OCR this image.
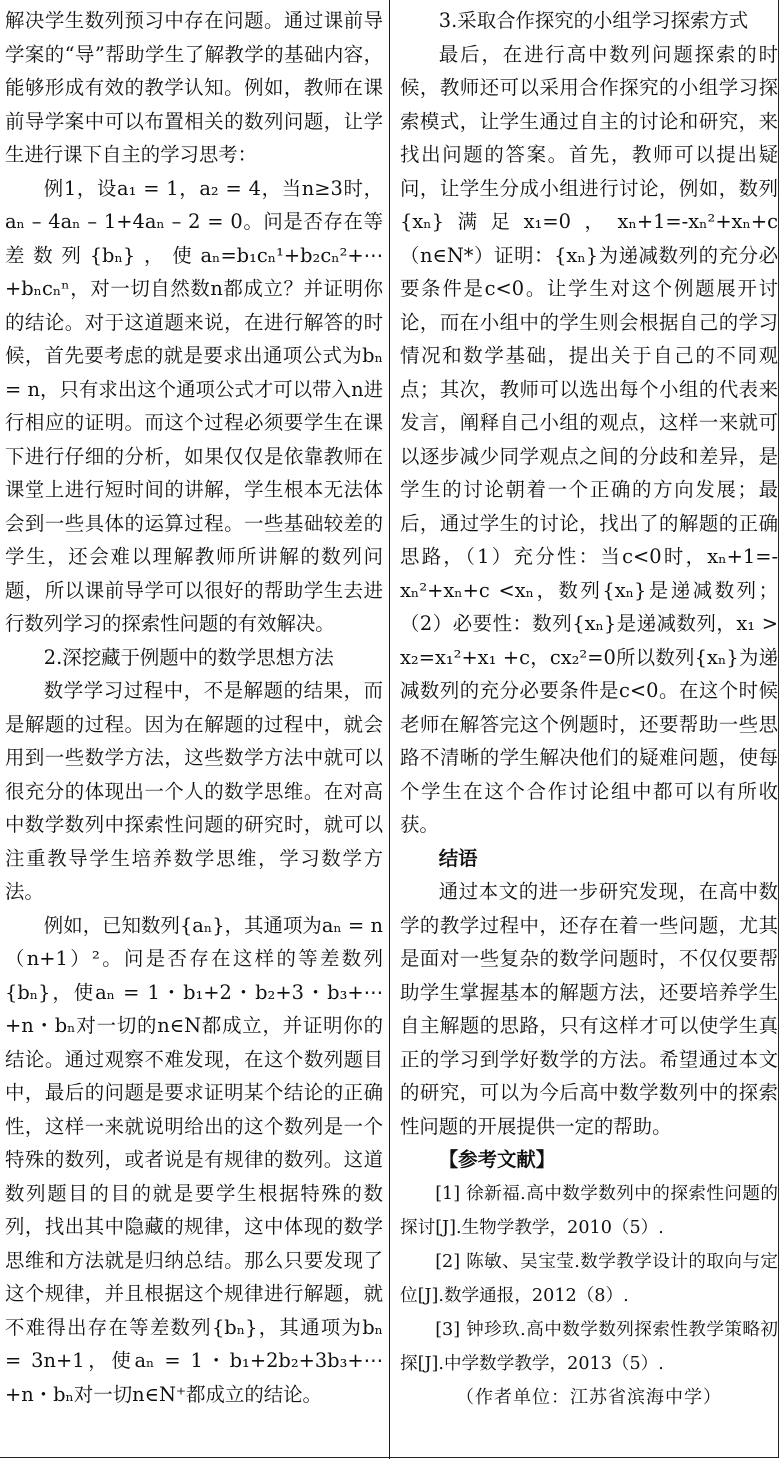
解决学生数列预习中存在问题。通过课前导学案的“导”帮助学生了解教学的基础内容，能够形成有效的教学认知。例如，教师在课前导学案中可以布置相关的数列问题，让学生进行课下自主的学习思考：

例1，设a₁ = 1，a₂ = 4，当n≥3时，aₙ – 4aₙ – 1+4aₙ – 2 = 0。问是否存在等差数列{bₙ}，使aₙ=b₁cₙ¹+b₂cₙ²+⋯+bₙcₙⁿ，对一切自然数n都成立？并证明你的结论。对于这道题来说，在进行解答的时候，首先要考虑的就是要求出通项公式为bₙ = n，只有求出这个通项公式才可以带入n进行相应的证明。而这个过程必须要学生在课下进行仔细的分析，如果仅仅是依靠教师在课堂上进行短时间的讲解，学生根本无法体会到一些具体的运算过程。一些基础较差的学生，还会难以理解教师所讲解的数列问题，所以课前导学可以很好的帮助学生去进行数列学习的探索性问题的有效解决。

2.深挖藏于例题中的数学思想方法

数学学习过程中，不是解题的结果，而是解题的过程。因为在解题的过程中，就会用到一些数学方法，这些数学方法中就可以很充分的体现出一个人的数学思维。在对高中数学数列中探索性问题的研究时，就可以注重教导学生培养数学思维，学习数学方法。

例如，已知数列{aₙ}，其通项为aₙ = n（n+1）²。问是否存在这样的等差数列{bₙ}，使aₙ = 1・b₁+2・b₂+3・b₃+⋯+n・bₙ对一切的n∈N都成立，并证明你的结论。通过观察不难发现，在这个数列题目中，最后的问题是要求证明某个结论的正确性，这样一来就说明给出的这个数列是一个特殊的数列，或者说是有规律的数列。这道数列题目的目的就是要学生根据特殊的数列，找出其中隐藏的规律，这中体现的数学思维和方法就是归纳总结。那么只要发现了这个规律，并且根据这个规律进行解题，就不难得出存在等差数列{bₙ}，其通项为bₙ = 3n+1，使aₙ = 1・b₁+2b₂+3b₃+⋯+n・bₙ对一切n∈N⁺都成立的结论。

3.采取合作探究的小组学习探索方式

最后，在进行高中数列问题探索的时候，教师还可以采用合作探究的小组学习探索模式，让学生通过自主的讨论和研究，来找出问题的答案。首先，教师可以提出疑问，让学生分成小组进行讨论，例如，数列{xₙ}满足x₁=0，xₙ+1=-xₙ²+xₙ+c（n∈N*）证明：{xₙ}为递减数列的充分必要条件是c<0。让学生对这个例题展开讨论，而在小组中的学生则会根据自己的学习情况和数学基础，提出关于自己的不同观点；其次，教师可以选出每个小组的代表来发言，阐释自己小组的观点，这样一来就可以逐步减少同学观点之间的分歧和差异，是学生的讨论朝着一个正确的方向发展；最后，通过学生的讨论，找出了的解题的正确思路，（1）充分性：当c<0时，xₙ+1=-xₙ²+xₙ+c <xₙ，数列{xₙ}是递减数列；（2）必要性：数列{xₙ}是递减数列，x₁ > x₂=x₁²+x₁ +c，cx₂²=0所以数列{xₙ}为递减数列的充分必要条件是c<0。在这个时候老师在解答完这个例题时，还要帮助一些思路不清晰的学生解决他们的疑难问题，使每个学生在这个合作讨论组中都可以有所收获。

结语

通过本文的进一步研究发现，在高中数学的教学过程中，还存在着一些问题，尤其是面对一些复杂的数学问题时，不仅仅要帮助学生掌握基本的解题方法，还要培养学生自主解题的思路，只有这样才可以使学生真正的学习到学好数学的方法。希望通过本文的研究，可以为今后高中数学数列中的探索性问题的开展提供一定的帮助。

【参考文献】

[1] 徐新福.高中数学数列中的探索性问题的探讨[J].生物学教学，2010（5）.

[2] 陈敏、吴宝莹.数学教学设计的取向与定位[J].数学通报，2012（8）.

[3] 钟珍玖.高中数学数列探索性教学策略初探[J].中学数学教学，2013（5）.

（作者单位：江苏省滨海中学）
